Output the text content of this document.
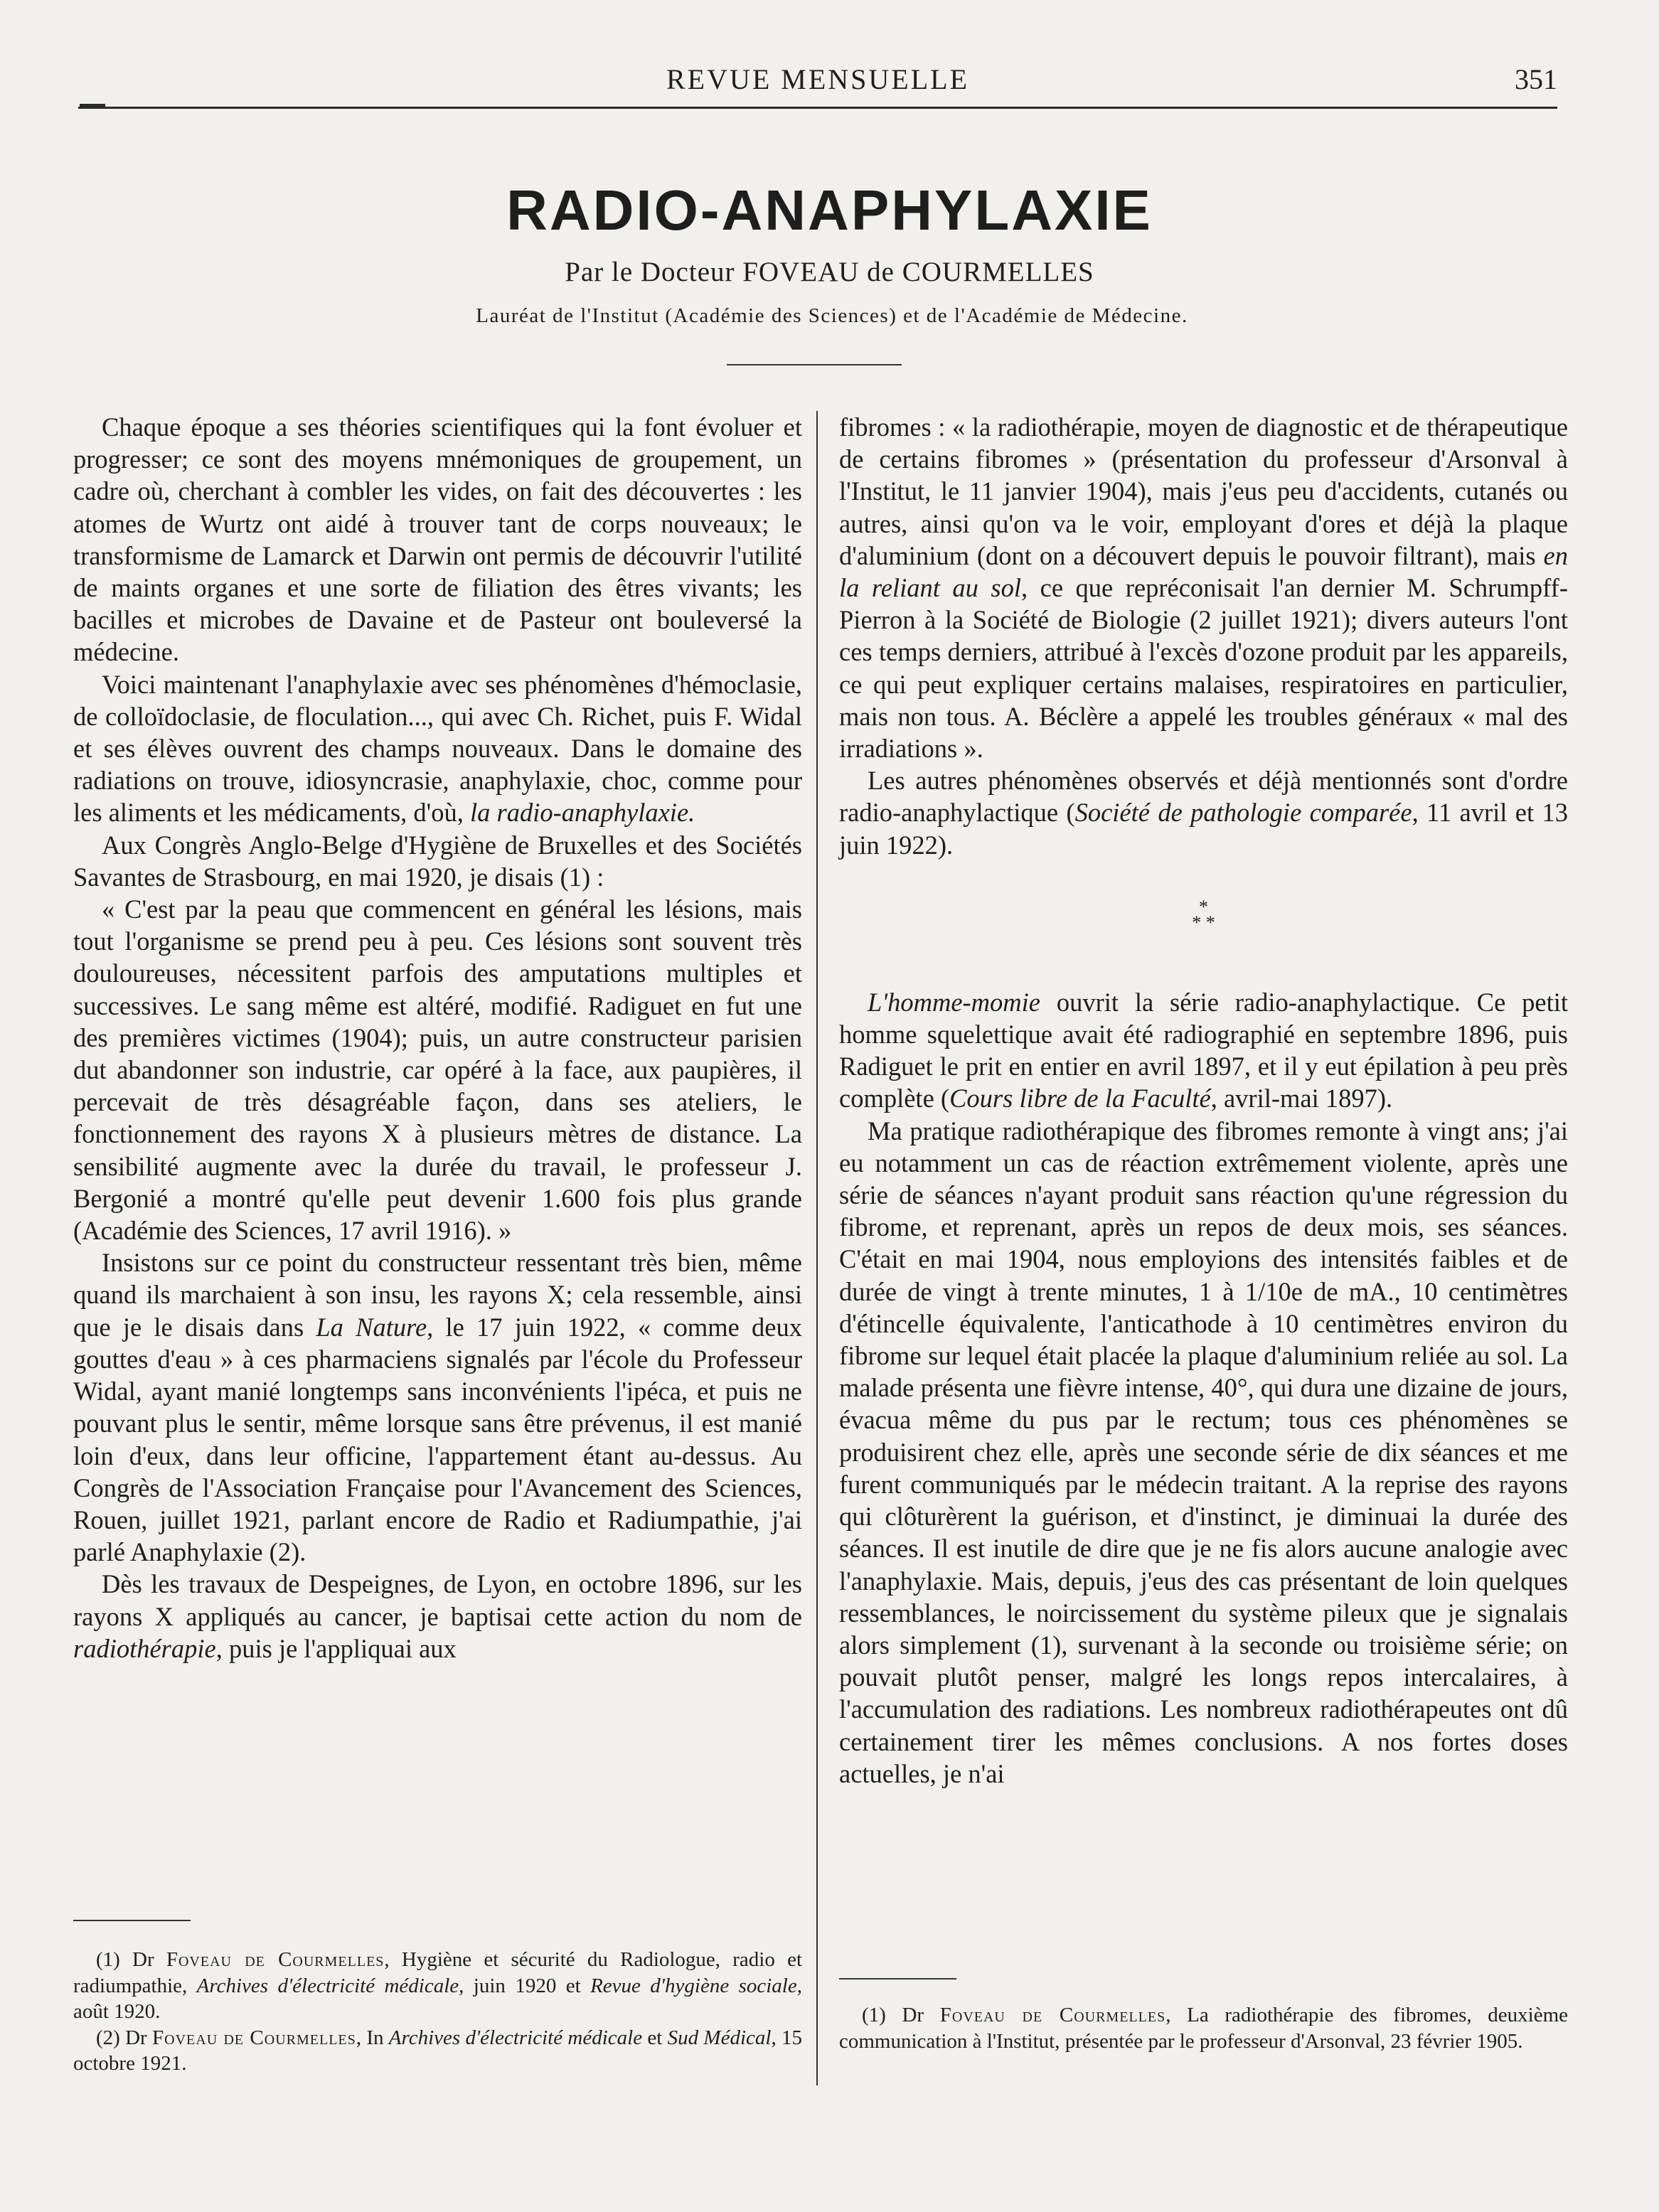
REVUE MENSUELLE	351
RADIO-ANAPHYLAXIE
Par le Docteur FOVEAU de COURMELLES
Lauréat de l'Institut (Académie des Sciences) et de l'Académie de Médecine.

Chaque époque a ses théories scientifiques qui la font évoluer et progresser; ce sont des moyens mnémoniques de groupement, un cadre où, cherchant à combler les vides, on fait des découvertes : les atomes de Wurtz ont aidé à trouver tant de corps nouveaux; le transformisme de Lamarck et Darwin ont permis de découvrir l'utilité de maints organes et une sorte de filiation des êtres vivants; les bacilles et microbes de Davaine et de Pasteur ont bouleversé la médecine.

Voici maintenant l'anaphylaxie avec ses phénomènes d'hémoclasie, de colloïdoclasie, de floculation..., qui avec Ch. Richet, puis F. Widal et ses élèves ouvrent des champs nouveaux. Dans le domaine des radiations on trouve, idiosyncrasie, anaphylaxie, choc, comme pour les aliments et les médicaments, d'où, la radio-anaphylaxie.

Aux Congrès Anglo-Belge d'Hygiène de Bruxelles et des Sociétés Savantes de Strasbourg, en mai 1920, je disais (1) :

« C'est par la peau que commencent en général les lésions, mais tout l'organisme se prend peu à peu. Ces lésions sont souvent très douloureuses, nécessitent parfois des amputations multiples et successives. Le sang même est altéré, modifié. Radiguet en fut une des premières victimes (1904); puis, un autre constructeur parisien dut abandonner son industrie, car opéré à la face, aux paupières, il percevait de très désagréable façon, dans ses ateliers, le fonctionnement des rayons X à plusieurs mètres de distance. La sensibilité augmente avec la durée du travail, le professeur J. Bergonié a montré qu'elle peut devenir 1.600 fois plus grande (Académie des Sciences, 17 avril 1916). »

Insistons sur ce point du constructeur ressentant très bien, même quand ils marchaient à son insu, les rayons X; cela ressemble, ainsi que je le disais dans La Nature, le 17 juin 1922, « comme deux gouttes d'eau » à ces pharmaciens signalés par l'école du Professeur Widal, ayant manié longtemps sans inconvénients l'ipéca, et puis ne pouvant plus le sentir, même lorsque sans être prévenus, il est manié loin d'eux, dans leur officine, l'appartement étant au-dessus. Au Congrès de l'Association Française pour l'Avancement des Sciences, Rouen, juillet 1921, parlant encore de Radio et Radiumpathie, j'ai parlé Anaphylaxie (2).

Dès les travaux de Despeignes, de Lyon, en octobre 1896, sur les rayons X appliqués au cancer, je baptisai cette action du nom de radiothérapie, puis je l'appliquai aux

fibromes : « la radiothérapie, moyen de diagnostic et de thérapeutique de certains fibromes » (présentation du professeur d'Arsonval à l'Institut, le 11 janvier 1904), mais j'eus peu d'accidents, cutanés ou autres, ainsi qu'on va le voir, employant d'ores et déjà la plaque d'aluminium (dont on a découvert depuis le pouvoir filtrant), mais en la reliant au sol, ce que repréconisait l'an dernier M. Schrumpff-Pierron à la Société de Biologie (2 juillet 1921); divers auteurs l'ont ces temps derniers, attribué à l'excès d'ozone produit par les appareils, ce qui peut expliquer certains malaises, respiratoires en particulier, mais non tous. A. Béclère a appelé les troubles généraux « mal des irradiations ».

Les autres phénomènes observés et déjà mentionnés sont d'ordre radio-anaphylactique (Société de pathologie comparée, 11 avril et 13 juin 1922).

*
* *

L'homme-momie ouvrit la série radio-anaphylactique. Ce petit homme squelettique avait été radiographié en septembre 1896, puis Radiguet le prit en entier en avril 1897, et il y eut épilation à peu près complète (Cours libre de la Faculté, avril-mai 1897).

Ma pratique radiothérapique des fibromes remonte à vingt ans; j'ai eu notamment un cas de réaction extrêmement violente, après une série de séances n'ayant produit sans réaction qu'une régression du fibrome, et reprenant, après un repos de deux mois, ses séances. C'était en mai 1904, nous employions des intensités faibles et de durée de vingt à trente minutes, 1 à 1/10e de mA., 10 centimètres d'étincelle équivalente, l'anticathode à 10 centimètres environ du fibrome sur lequel était placée la plaque d'aluminium reliée au sol. La malade présenta une fièvre intense, 40°, qui dura une dizaine de jours, évacua même du pus par le rectum; tous ces phénomènes se produisirent chez elle, après une seconde série de dix séances et me furent communiqués par le médecin traitant. A la reprise des rayons qui clôturèrent la guérison, et d'instinct, je diminuai la durée des séances. Il est inutile de dire que je ne fis alors aucune analogie avec l'anaphylaxie. Mais, depuis, j'eus des cas présentant de loin quelques ressemblances, le noircissement du système pileux que je signalais alors simplement (1), survenant à la seconde ou troisième série; on pouvait plutôt penser, malgré les longs repos intercalaires, à l'accumulation des radiations. Les nombreux radiothérapeutes ont dû certainement tirer les mêmes conclusions. A nos fortes doses actuelles, je n'ai

(1) Dr Foveau de Courmelles, Hygiène et sécurité du Radiologue, radio et radiumpathie, Archives d'électricité médicale, juin 1920 et Revue d'hygiène sociale, août 1920.

(2) Dr Foveau de Courmelles, In Archives d'électricité médicale et Sud Médical, 15 octobre 1921.

(1) Dr Foveau de Courmelles, La radiothérapie des fibromes, deuxième communication à l'Institut, présentée par le professeur d'Arsonval, 23 février 1905.
